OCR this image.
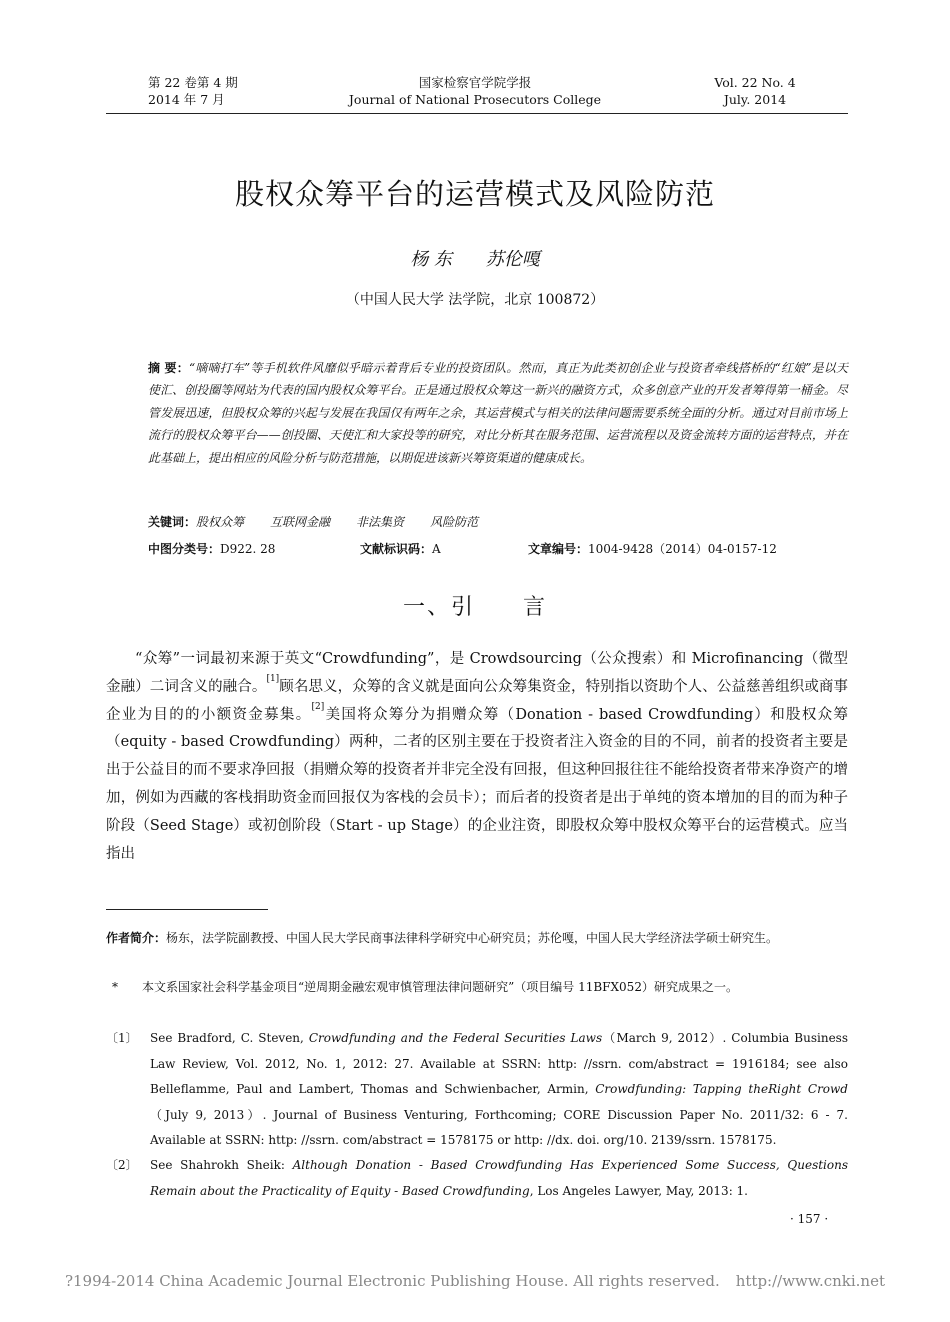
第 22 卷第 4 期
2014 年 7 月
国家检察官学院学报
Journal of National Prosecutors College
Vol. 22 No. 4
July. 2014
股权众筹平台的运营模式及风险防范
杨 东 苏伦嘎
（中国人民大学 法学院，北京 100872）
摘 要：“嘀嘀打车”等手机软件风靡似乎暗示着背后专业的投资团队。然而，真正为此类初创企业与投资者牵线搭桥的“红娘”是以天使汇、创投圈等网站为代表的国内股权众筹平台。正是通过股权众筹这一新兴的融资方式，众多创意产业的开发者筹得第一桶金。尽管发展迅速，但股权众筹的兴起与发展在我国仅有两年之余，其运营模式与相关的法律问题需要系统全面的分析。通过对目前市场上流行的股权众筹平台——创投圈、天使汇和大家投等的研究，对比分析其在服务范围、运营流程以及资金流转方面的运营特点，并在此基础上，提出相应的风险分析与防范措施，以期促进该新兴筹资渠道的健康成长。
关键词：股权众筹 互联网金融 非法集资 风险防范
中图分类号：D922. 28	文献标识码：A	文章编号：1004-9428（2014）04-0157-12
一、引　　言

“众筹”一词最初来源于英文“Crowdfunding”，是 Crowdsourcing（公众搜索）和 Microfinancing（微型金融）二词含义的融合。[1]顾名思义，众筹的含义就是面向公众筹集资金，特别指以资助个人、公益慈善组织或商事企业为目的的小额资金募集。[2]美国将众筹分为捐赠众筹（Donation - based Crowdfunding）和股权众筹（equity - based Crowdfunding）两种，二者的区别主要在于投资者注入资金的目的不同，前者的投资者主要是出于公益目的而不要求净回报（捐赠众筹的投资者并非完全没有回报，但这种回报往往不能给投资者带来净资产的增加，例如为西藏的客栈捐助资金而回报仅为客栈的会员卡）；而后者的投资者是出于单纯的资本增加的目的而为种子阶段（Seed Stage）或初创阶段（Start - up Stage）的企业注资，即股权众筹中股权众筹平台的运营模式。应当指出

作者简介：杨东，法学院副教授、中国人民大学民商事法律科学研究中心研究员；苏伦嘎，中国人民大学经济法学硕士研究生。
* 本文系国家社会科学基金项目“逆周期金融宏观审慎管理法律问题研究”（项目编号 11BFX052）研究成果之一。
〔1〕 See Bradford, C. Steven, Crowdfunding and the Federal Securities Laws（March 9, 2012）. Columbia Business Law Review, Vol. 2012, No. 1, 2012: 27. Available at SSRN: http: //ssrn. com/abstract = 1916184; see also Belleflamme, Paul and Lambert, Thomas and Schwienbacher, Armin, Crowdfunding: Tapping theRight Crowd（July 9, 2013）. Journal of Business Venturing, Forthcoming; CORE Discussion Paper No. 2011/32: 6 - 7. Available at SSRN: http: //ssrn. com/abstract = 1578175 or http: //dx. doi. org/10. 2139/ssrn. 1578175.
〔2〕 See Shahrokh Sheik: Although Donation - Based Crowdfunding Has Experienced Some Success, Questions Remain about the Practicality of Equity - Based Crowdfunding, Los Angeles Lawyer, May, 2013: 1.
· 157 ·
?1994-2014 China Academic Journal Electronic Publishing House. All rights reserved. http://www.cnki.net
